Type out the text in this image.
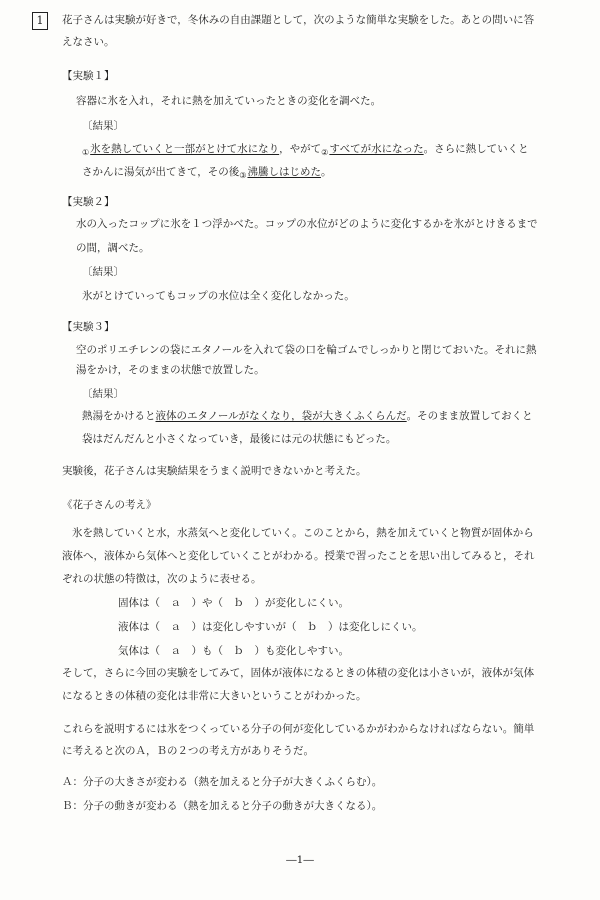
1	花子さんは実験が好きで，冬休みの自由課題として，次のような簡単な実験をした。あとの問いに答
えなさい。
【実験１】
容器に氷を入れ，それに熱を加えていったときの変化を調べた。
〔結果〕
①氷を熱していくと一部がとけて水になり，やがて②すべてが水になった。さらに熱していくと
さかんに湯気が出てきて，その後③沸騰しはじめた。
【実験２】
水の入ったコップに氷を１つ浮かべた。コップの水位がどのように変化するかを氷がとけきるまで
の間，調べた。
〔結果〕
氷がとけていってもコップの水位は全く変化しなかった。
【実験３】
空のポリエチレンの袋にエタノールを入れて袋の口を輪ゴムでしっかりと閉じておいた。それに熱
湯をかけ，そのままの状態で放置した。
〔結果〕
熱湯をかけると液体のエタノールがなくなり，袋が大きくふくらんだ。そのまま放置しておくと
袋はだんだんと小さくなっていき，最後には元の状態にもどった。
実験後，花子さんは実験結果をうまく説明できないかと考えた。
《花子さんの考え》
氷を熱していくと水，水蒸気へと変化していく。このことから，熱を加えていくと物質が固体から
液体へ，液体から気体へと変化していくことがわかる。授業で習ったことを思い出してみると，それ
ぞれの状態の特徴は，次のように表せる。
固体は（　ａ　）や（　ｂ　）が変化しにくい。
液体は（　ａ　）は変化しやすいが（　ｂ　）は変化しにくい。
気体は（　ａ　）も（　ｂ　）も変化しやすい。
そして，さらに今回の実験をしてみて，固体が液体になるときの体積の変化は小さいが，液体が気体
になるときの体積の変化は非常に大きいということがわかった。
これらを説明するには氷をつくっている分子の何が変化しているかがわからなければならない。簡単
に考えると次のＡ，Ｂの２つの考え方がありそうだ。
Ａ：分子の大きさが変わる（熱を加えると分子が大きくふくらむ）。
Ｂ：分子の動きが変わる（熱を加えると分子の動きが大きくなる）。
―1―
